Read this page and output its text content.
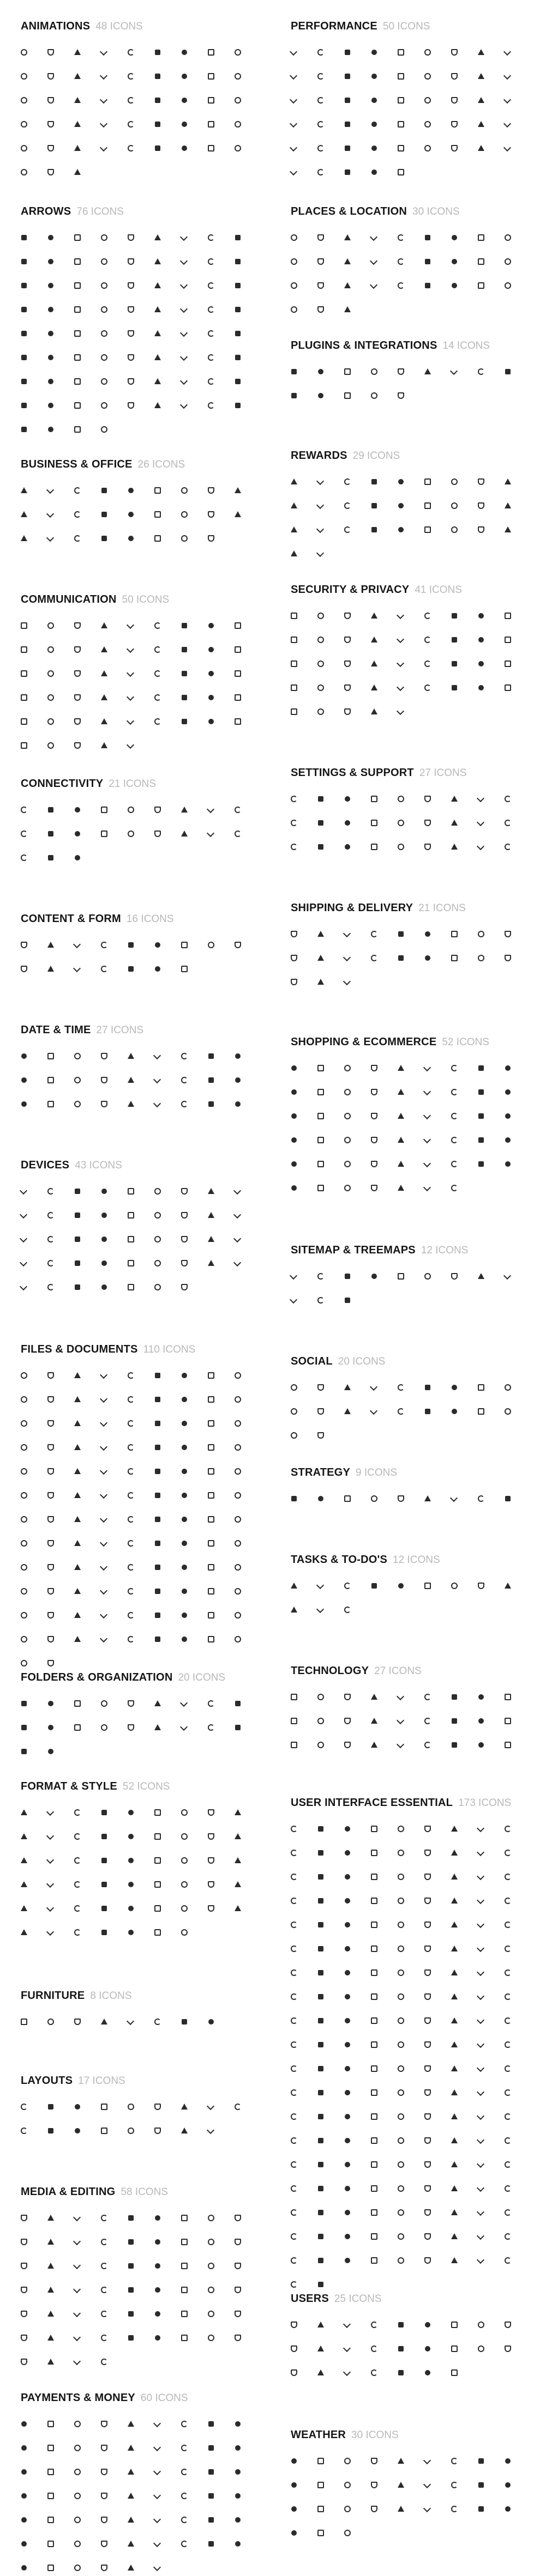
ANIMATIONS 48 ICONS
ARROWS 76 ICONS
BUSINESS & OFFICE 26 ICONS
COMMUNICATION 50 ICONS
CONNECTIVITY 21 ICONS
CONTENT & FORM 16 ICONS
DATE & TIME 27 ICONS
DEVICES 43 ICONS
FILES & DOCUMENTS 110 ICONS
FOLDERS & ORGANIZATION 20 ICONS
FORMAT & STYLE 52 ICONS
FURNITURE 8 ICONS
LAYOUTS 17 ICONS
MEDIA & EDITING 58 ICONS
PAYMENTS & MONEY 60 ICONS
PERFORMANCE 50 ICONS
PLACES & LOCATION 30 ICONS
PLUGINS & INTEGRATIONS 14 ICONS
REWARDS 29 ICONS
SECURITY & PRIVACY 41 ICONS
SETTINGS & SUPPORT 27 ICONS
SHIPPING & DELIVERY 21 ICONS
SHOPPING & ECOMMERCE 52 ICONS
SITEMAP & TREEMAPS 12 ICONS
SOCIAL 20 ICONS
STRATEGY 9 ICONS
TASKS & TO-DO'S 12 ICONS
TECHNOLOGY 27 ICONS
USER INTERFACE ESSENTIAL 173 ICONS
USERS 25 ICONS
WEATHER 30 ICONS
